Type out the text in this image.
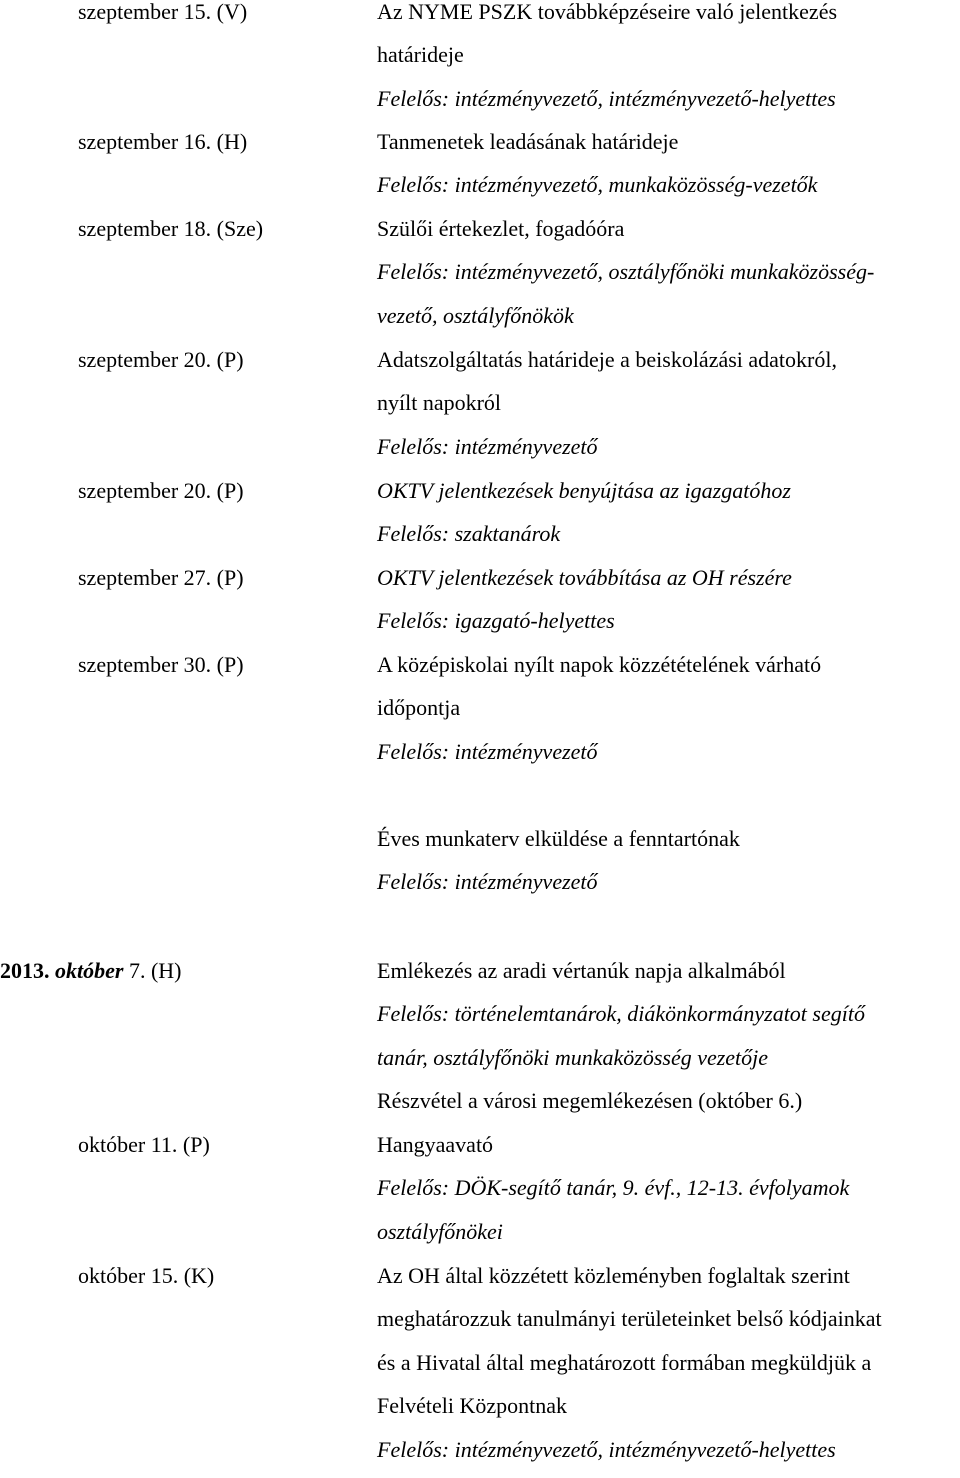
szeptember 15. (V)	Az NYME PSZK továbbképzéseire való jelentkezés
határideje
Felelős: intézményvezető, intézményvezető-helyettes
szeptember 16. (H)	Tanmenetek leadásának határideje
Felelős: intézményvezető, munkaközösség-vezetők
szeptember 18. (Sze)	Szülői értekezlet, fogadóóra
Felelős: intézményvezető, osztályfőnöki munkaközösség-
vezető, osztályfőnökök
szeptember 20. (P)	Adatszolgáltatás határideje a beiskolázási adatokról,
nyílt napokról
Felelős: intézményvezető
szeptember 20. (P)	OKTV jelentkezések benyújtása az igazgatóhoz
Felelős: szaktanárok
szeptember 27. (P)	OKTV jelentkezések továbbítása az OH részére
Felelős: igazgató-helyettes
szeptember 30. (P)	A középiskolai nyílt napok közzétételének várható
időpontja
Felelős: intézményvezető
Éves munkaterv elküldése a fenntartónak
Felelős: intézményvezető
2013. október 7. (H)	Emlékezés az aradi vértanúk napja alkalmából
Felelős: történelemtanárok, diákönkormányzatot segítő
tanár, osztályfőnöki munkaközösség vezetője
Részvétel a városi megemlékezésen (október 6.)
október 11. (P)	Hangyaavató
Felelős: DÖK-segítő tanár, 9. évf., 12-13. évfolyamok
osztályfőnökei
október 15. (K)	Az OH által közzétett közleményben foglaltak szerint
meghatározzuk tanulmányi területeinket belső kódjainkat
és a Hivatal által meghatározott formában megküldjük a
Felvételi Központnak
Felelős: intézményvezető, intézményvezető-helyettes
